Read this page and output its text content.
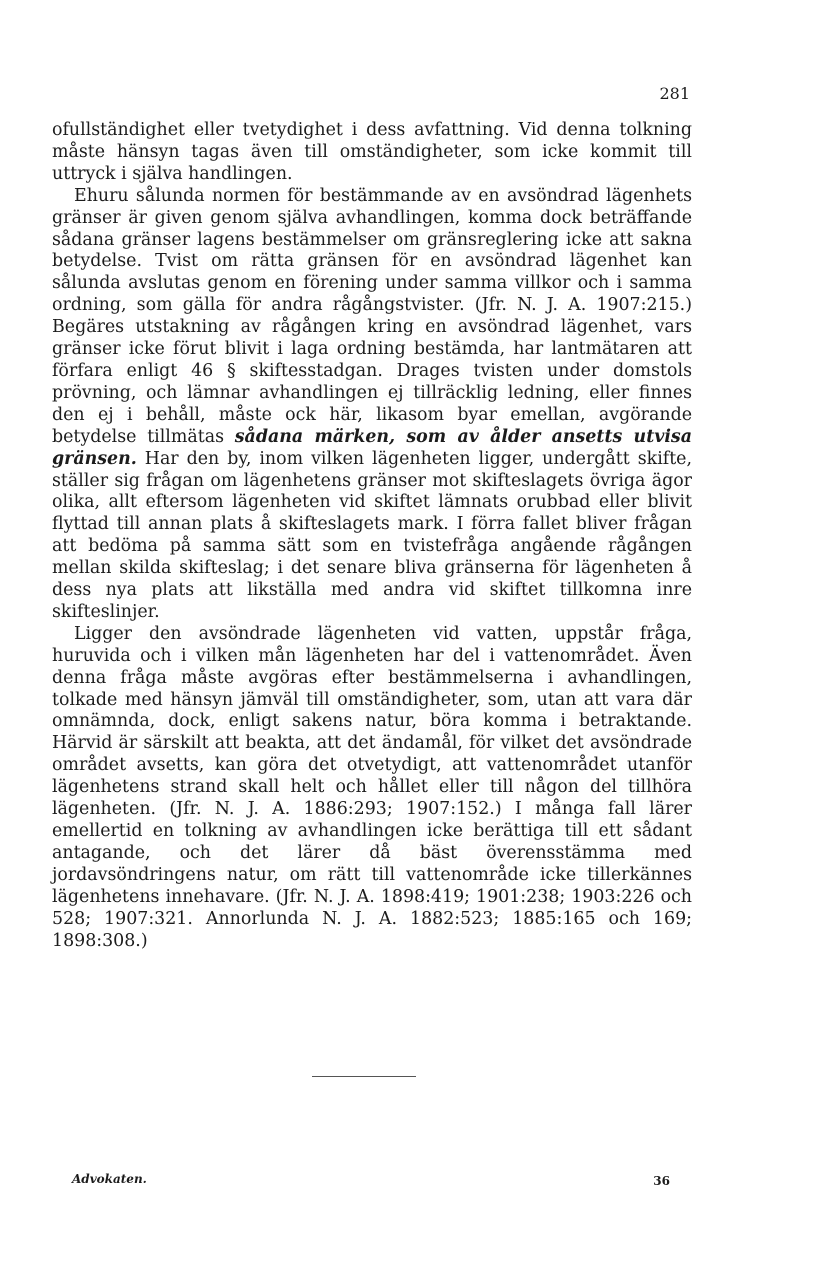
281

ofullständighet eller tvetydighet i dess avfattning. Vid denna tolkning måste hänsyn tagas även till omständigheter, som icke kommit till uttryck i själva handlingen.

Ehuru sålunda normen för bestämmande av en avsöndrad lägenhets gränser är given genom själva avhandlingen, komma dock beträffande sådana gränser lagens bestämmelser om gränsreglering icke att sakna betydelse. Tvist om rätta gränsen för en avsöndrad lägenhet kan sålunda avslutas genom en förening under samma villkor och i samma ordning, som gälla för andra rågångstvister. (Jfr. N. J. A. 1907:215.) Begäres utstakning av rågången kring en avsöndrad lägenhet, vars gränser icke förut blivit i laga ordning bestämda, har lantmätaren att förfara enligt 46 § skiftesstadgan. Drages tvisten under domstols prövning, och lämnar avhandlingen ej tillräcklig ledning, eller finnes den ej i behåll, måste ock här, likasom byar emellan, avgörande betydelse tillmätas sådana märken, som av ålder ansetts utvisa gränsen. Har den by, inom vilken lägenheten ligger, undergått skifte, ställer sig frågan om lägenhetens gränser mot skifteslagets övriga ägor olika, allt eftersom lägenheten vid skiftet lämnats orubbad eller blivit flyttad till annan plats å skifteslagets mark. I förra fallet bliver frågan att bedöma på samma sätt som en tvistefråga angående rågången mellan skilda skifteslag; i det senare bliva gränserna för lägenheten å dess nya plats att likställa med andra vid skiftet tillkomna inre skifteslinjer.

Ligger den avsöndrade lägenheten vid vatten, uppstår fråga, huruvida och i vilken mån lägenheten har del i vattenområdet. Även denna fråga måste avgöras efter bestämmelserna i avhandlingen, tolkade med hänsyn jämväl till omständigheter, som, utan att vara där omnämnda, dock, enligt sakens natur, böra komma i betraktande. Härvid är särskilt att beakta, att det ändamål, för vilket det avsöndrade området avsetts, kan göra det otvetydigt, att vattenområdet utanför lägenhetens strand skall helt och hållet eller till någon del tillhöra lägenheten. (Jfr. N. J. A. 1886:293; 1907:152.) I många fall lärer emellertid en tolkning av avhandlingen icke berättiga till ett sådant antagande, och det lärer då bäst överensstämma med jordavsöndringens natur, om rätt till vattenområde icke tillerkännes lägenhetens innehavare. (Jfr. N. J. A. 1898:419; 1901:238; 1903:226 och 528; 1907:321. Annorlunda N. J. A. 1882:523; 1885:165 och 169; 1898:308.)

Advokaten.	36
